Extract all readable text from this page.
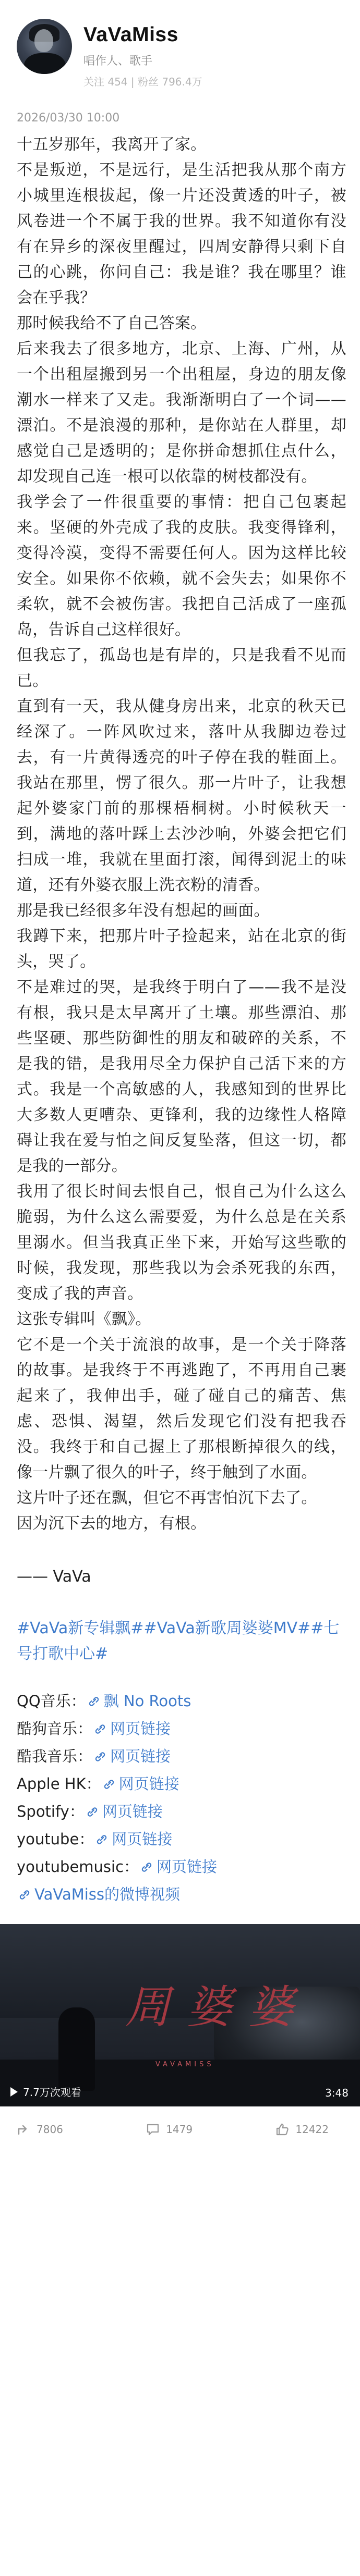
VaVaMiss
唱作人、歌手
关注 454 | 粉丝 796.4万
2026/03/30 10:00

十五岁那年，我离开了家。

不是叛逆，不是远行，是生活把我从那个南方小城里连根拔起，像一片还没黄透的叶子，被风卷进一个不属于我的世界。我不知道你有没有在异乡的深夜里醒过，四周安静得只剩下自己的心跳，你问自己：我是谁？我在哪里？谁会在乎我？

那时候我给不了自己答案。

后来我去了很多地方，北京、上海、广州，从一个出租屋搬到另一个出租屋，身边的朋友像潮水一样来了又走。我渐渐明白了一个词——漂泊。不是浪漫的那种，是你站在人群里，却感觉自己是透明的；是你拼命想抓住点什么，却发现自己连一根可以依靠的树枝都没有。

我学会了一件很重要的事情：把自己包裹起来。坚硬的外壳成了我的皮肤。我变得锋利，变得冷漠，变得不需要任何人。因为这样比较安全。如果你不依赖，就不会失去；如果你不柔软，就不会被伤害。我把自己活成了一座孤岛，告诉自己这样很好。

但我忘了，孤岛也是有岸的，只是我看不见而已。

直到有一天，我从健身房出来，北京的秋天已经深了。一阵风吹过来，落叶从我脚边卷过去，有一片黄得透亮的叶子停在我的鞋面上。我站在那里，愣了很久。那一片叶子，让我想起外婆家门前的那棵梧桐树。小时候秋天一到，满地的落叶踩上去沙沙响，外婆会把它们扫成一堆，我就在里面打滚，闻得到泥土的味道，还有外婆衣服上洗衣粉的清香。

那是我已经很多年没有想起的画面。

我蹲下来，把那片叶子捡起来，站在北京的街头，哭了。

不是难过的哭，是我终于明白了——我不是没有根，我只是太早离开了土壤。那些漂泊、那些坚硬、那些防御性的朋友和破碎的关系，不是我的错，是我用尽全力保护自己活下来的方式。我是一个高敏感的人，我感知到的世界比大多数人更嘈杂、更锋利，我的边缘性人格障碍让我在爱与怕之间反复坠落，但这一切，都是我的一部分。

我用了很长时间去恨自己，恨自己为什么这么脆弱，为什么这么需要爱，为什么总是在关系里溺水。但当我真正坐下来，开始写这些歌的时候，我发现，那些我以为会杀死我的东西，变成了我的声音。

这张专辑叫《飘》。

它不是一个关于流浪的故事，是一个关于降落的故事。是我终于不再逃跑了，不再用自己裹起来了，我伸出手，碰了碰自己的痛苦、焦虑、恐惧、渴望，然后发现它们没有把我吞没。我终于和自己握上了那根断掉很久的线，像一片飘了很久的叶子，终于触到了水面。

这片叶子还在飘，但它不再害怕沉下去了。

因为沉下去的地方，有根。

—— VaVa
#VaVa新专辑飘##VaVa新歌周婆婆MV##七号打歌中心#
QQ音乐： 飘 No Roots
酷狗音乐： 网页链接
酷我音乐： 网页链接
Apple HK： 网页链接
Spotify： 网页链接
youtube： 网页链接
youtubemusic： 网页链接
VaVaMiss的微博视频
周婆婆
VAVAMISS
7.7万次观看	3:48
7806	1479	12422
